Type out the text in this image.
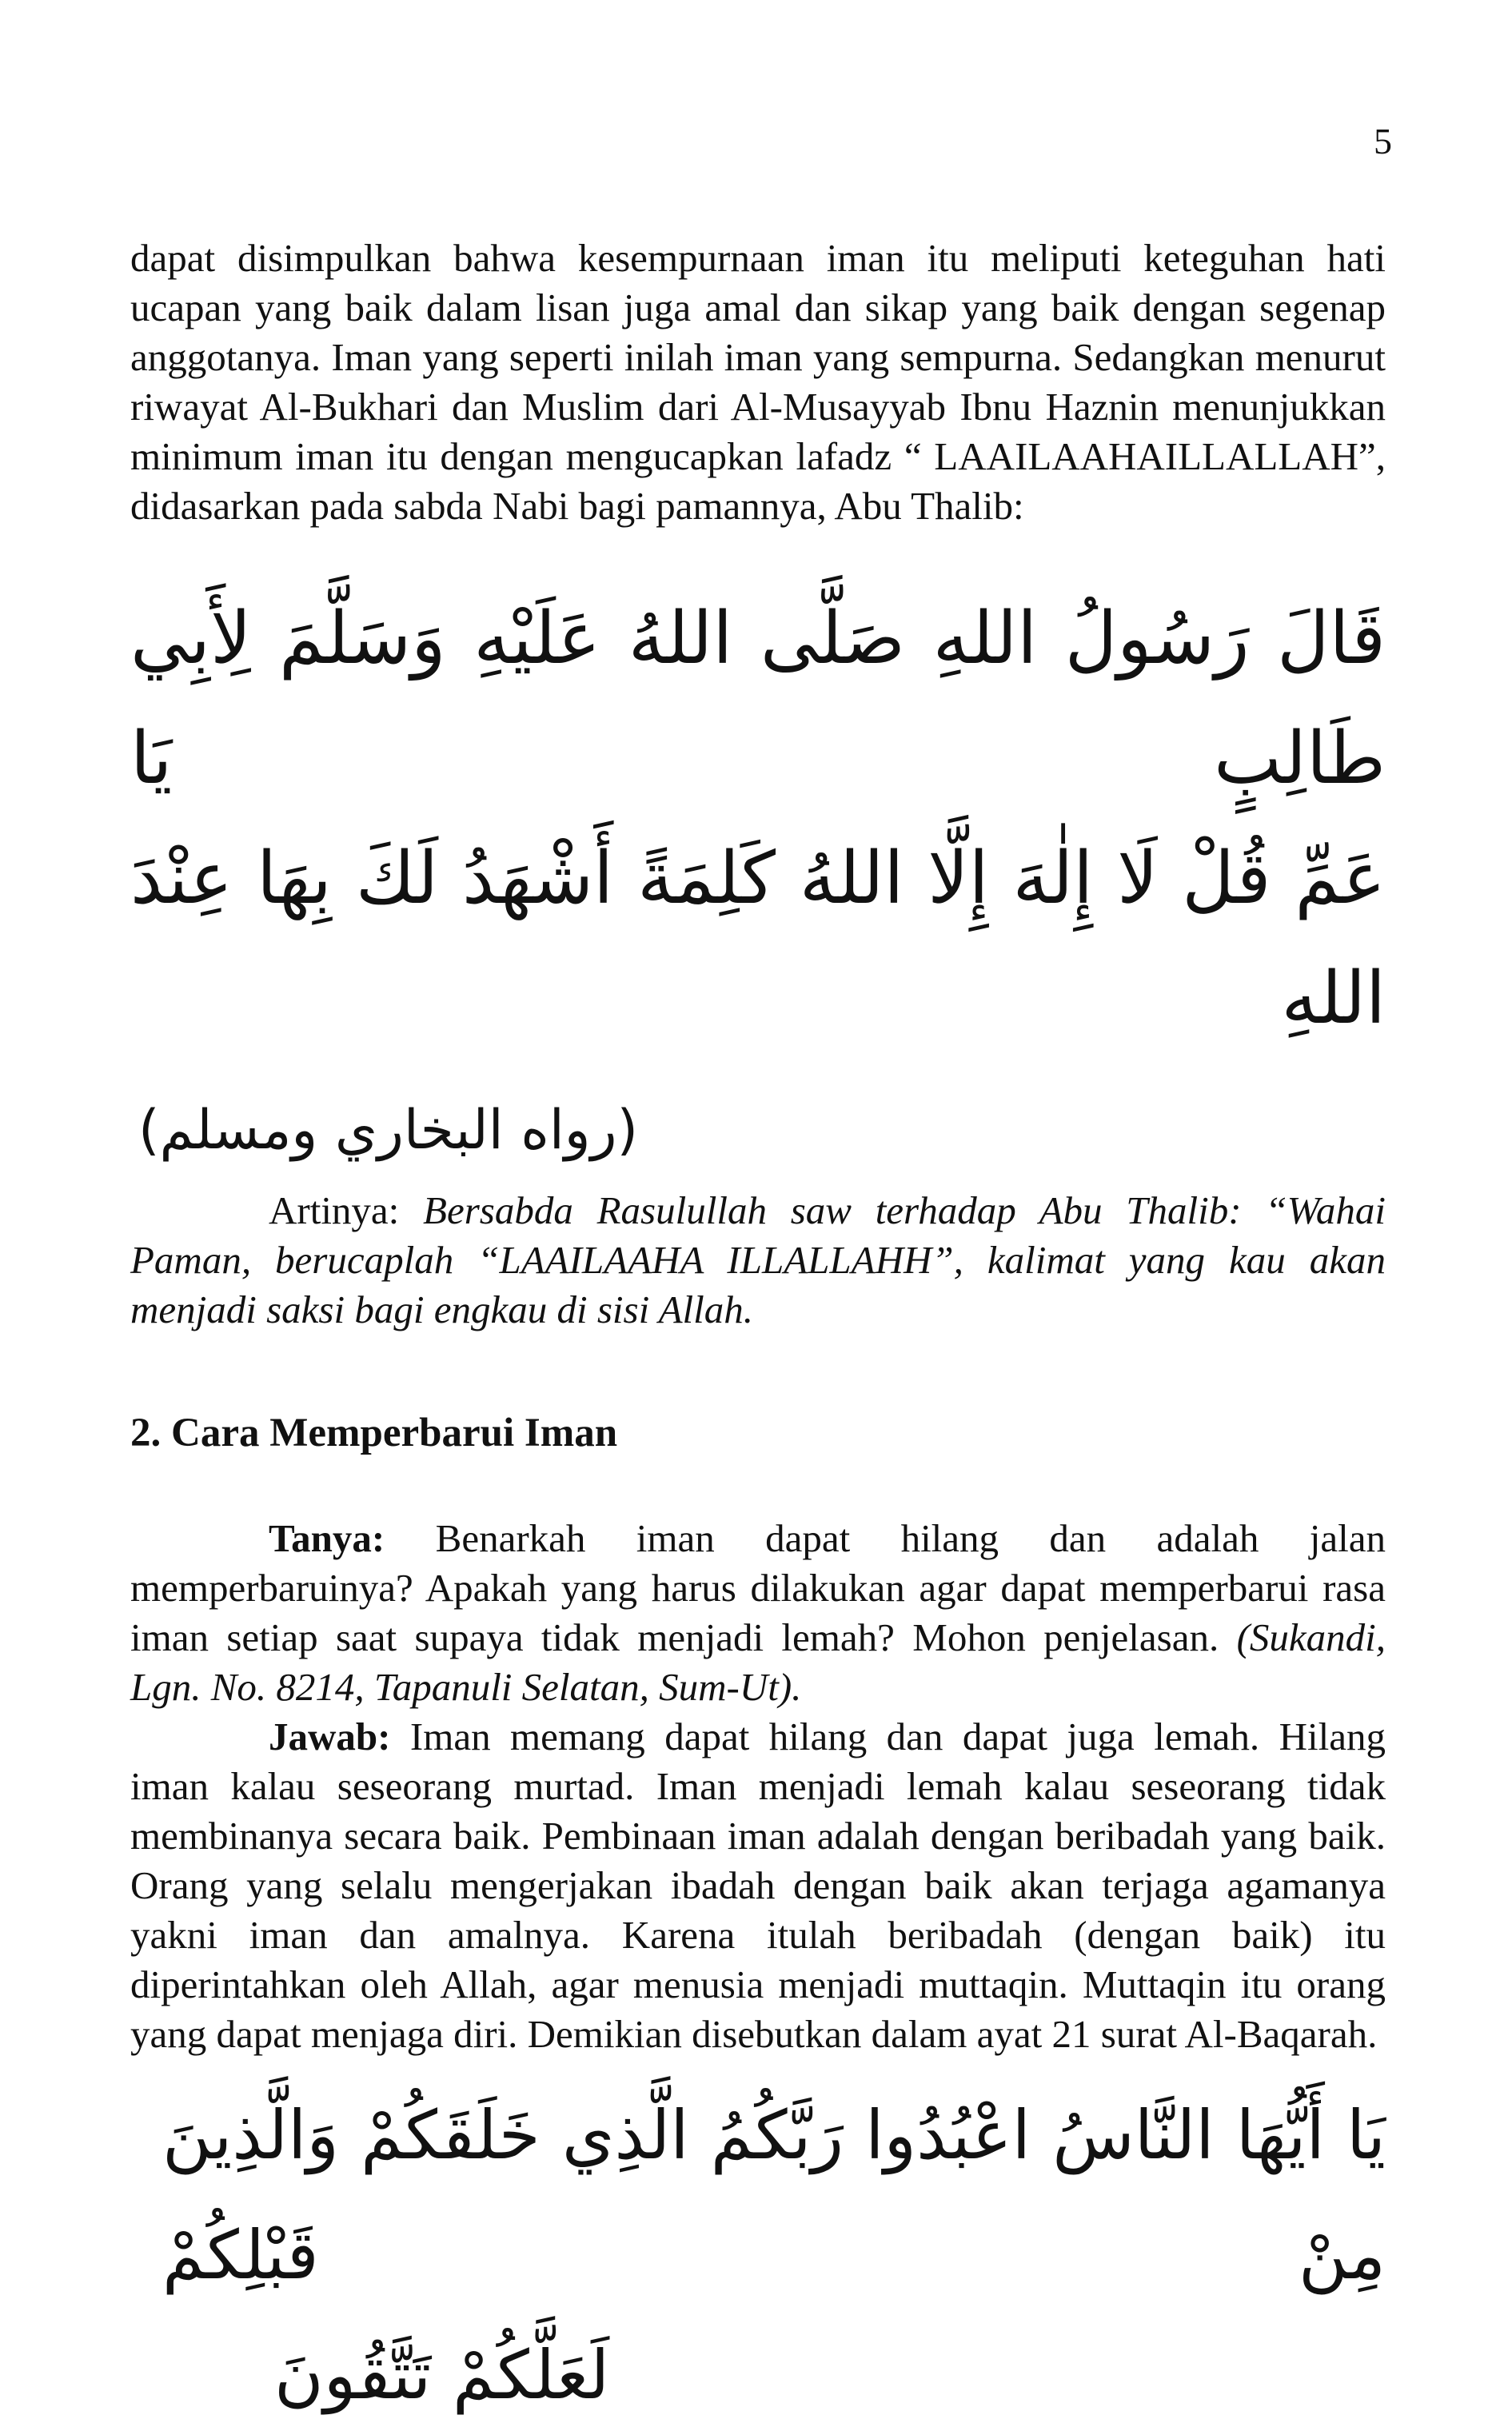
5

dapat disimpulkan bahwa kesempurnaan iman itu meliputi keteguhan hati ucapan yang baik dalam lisan juga amal dan sikap yang baik dengan segenap anggotanya. Iman yang seperti inilah iman yang sempurna. Sedangkan menurut riwayat Al-Bukhari dan Muslim dari Al-Musayyab Ibnu Haznin menunjukkan minimum iman itu dengan mengucapkan lafadz “ LAAILAAHAILLALLAH”, didasarkan pada sabda Nabi bagi pamannya, Abu Thalib:

قَالَ رَسُولُ اللهِ صَلَّى اللهُ عَلَيْهِ وَسَلَّمَ لِأَبِي طَالِبٍ يَا
عَمِّ قُلْ لَا إِلٰهَ إِلَّا اللهُ كَلِمَةً أَشْهَدُ لَكَ بِهَا عِنْدَ اللهِ
(رواه البخاري ومسلم)

Artinya: Bersabda Rasulullah saw terhadap Abu Thalib: “Wahai Paman, berucaplah “LAAILAAHA ILLALLAHH”, kalimat yang kau akan menjadi saksi bagi engkau di sisi Allah.

2. Cara Memperbarui Iman

Tanya: Benarkah iman dapat hilang dan adalah jalan memperbaruinya? Apakah yang harus dilakukan agar dapat memperbarui rasa iman setiap saat supaya tidak menjadi lemah? Mohon penjelasan. (Sukandi, Lgn. No. 8214, Tapanuli Selatan, Sum-Ut).

Jawab: Iman memang dapat hilang dan dapat juga lemah. Hilang iman kalau seseorang murtad. Iman menjadi lemah kalau seseorang tidak membinanya secara baik. Pembinaan iman adalah dengan beribadah yang baik. Orang yang selalu mengerjakan ibadah dengan baik akan terjaga agamanya yakni iman dan amalnya. Karena itulah beribadah (dengan baik) itu diperintahkan oleh Allah, agar menusia menjadi muttaqin. Muttaqin itu orang yang dapat menjaga diri. Demikian disebutkan dalam ayat 21 surat Al-Baqarah.

يَا أَيُّهَا النَّاسُ اعْبُدُوا رَبَّكُمُ الَّذِي خَلَقَكُمْ وَالَّذِينَ مِنْ قَبْلِكُمْ
لَعَلَّكُمْ تَتَّقُونَ
